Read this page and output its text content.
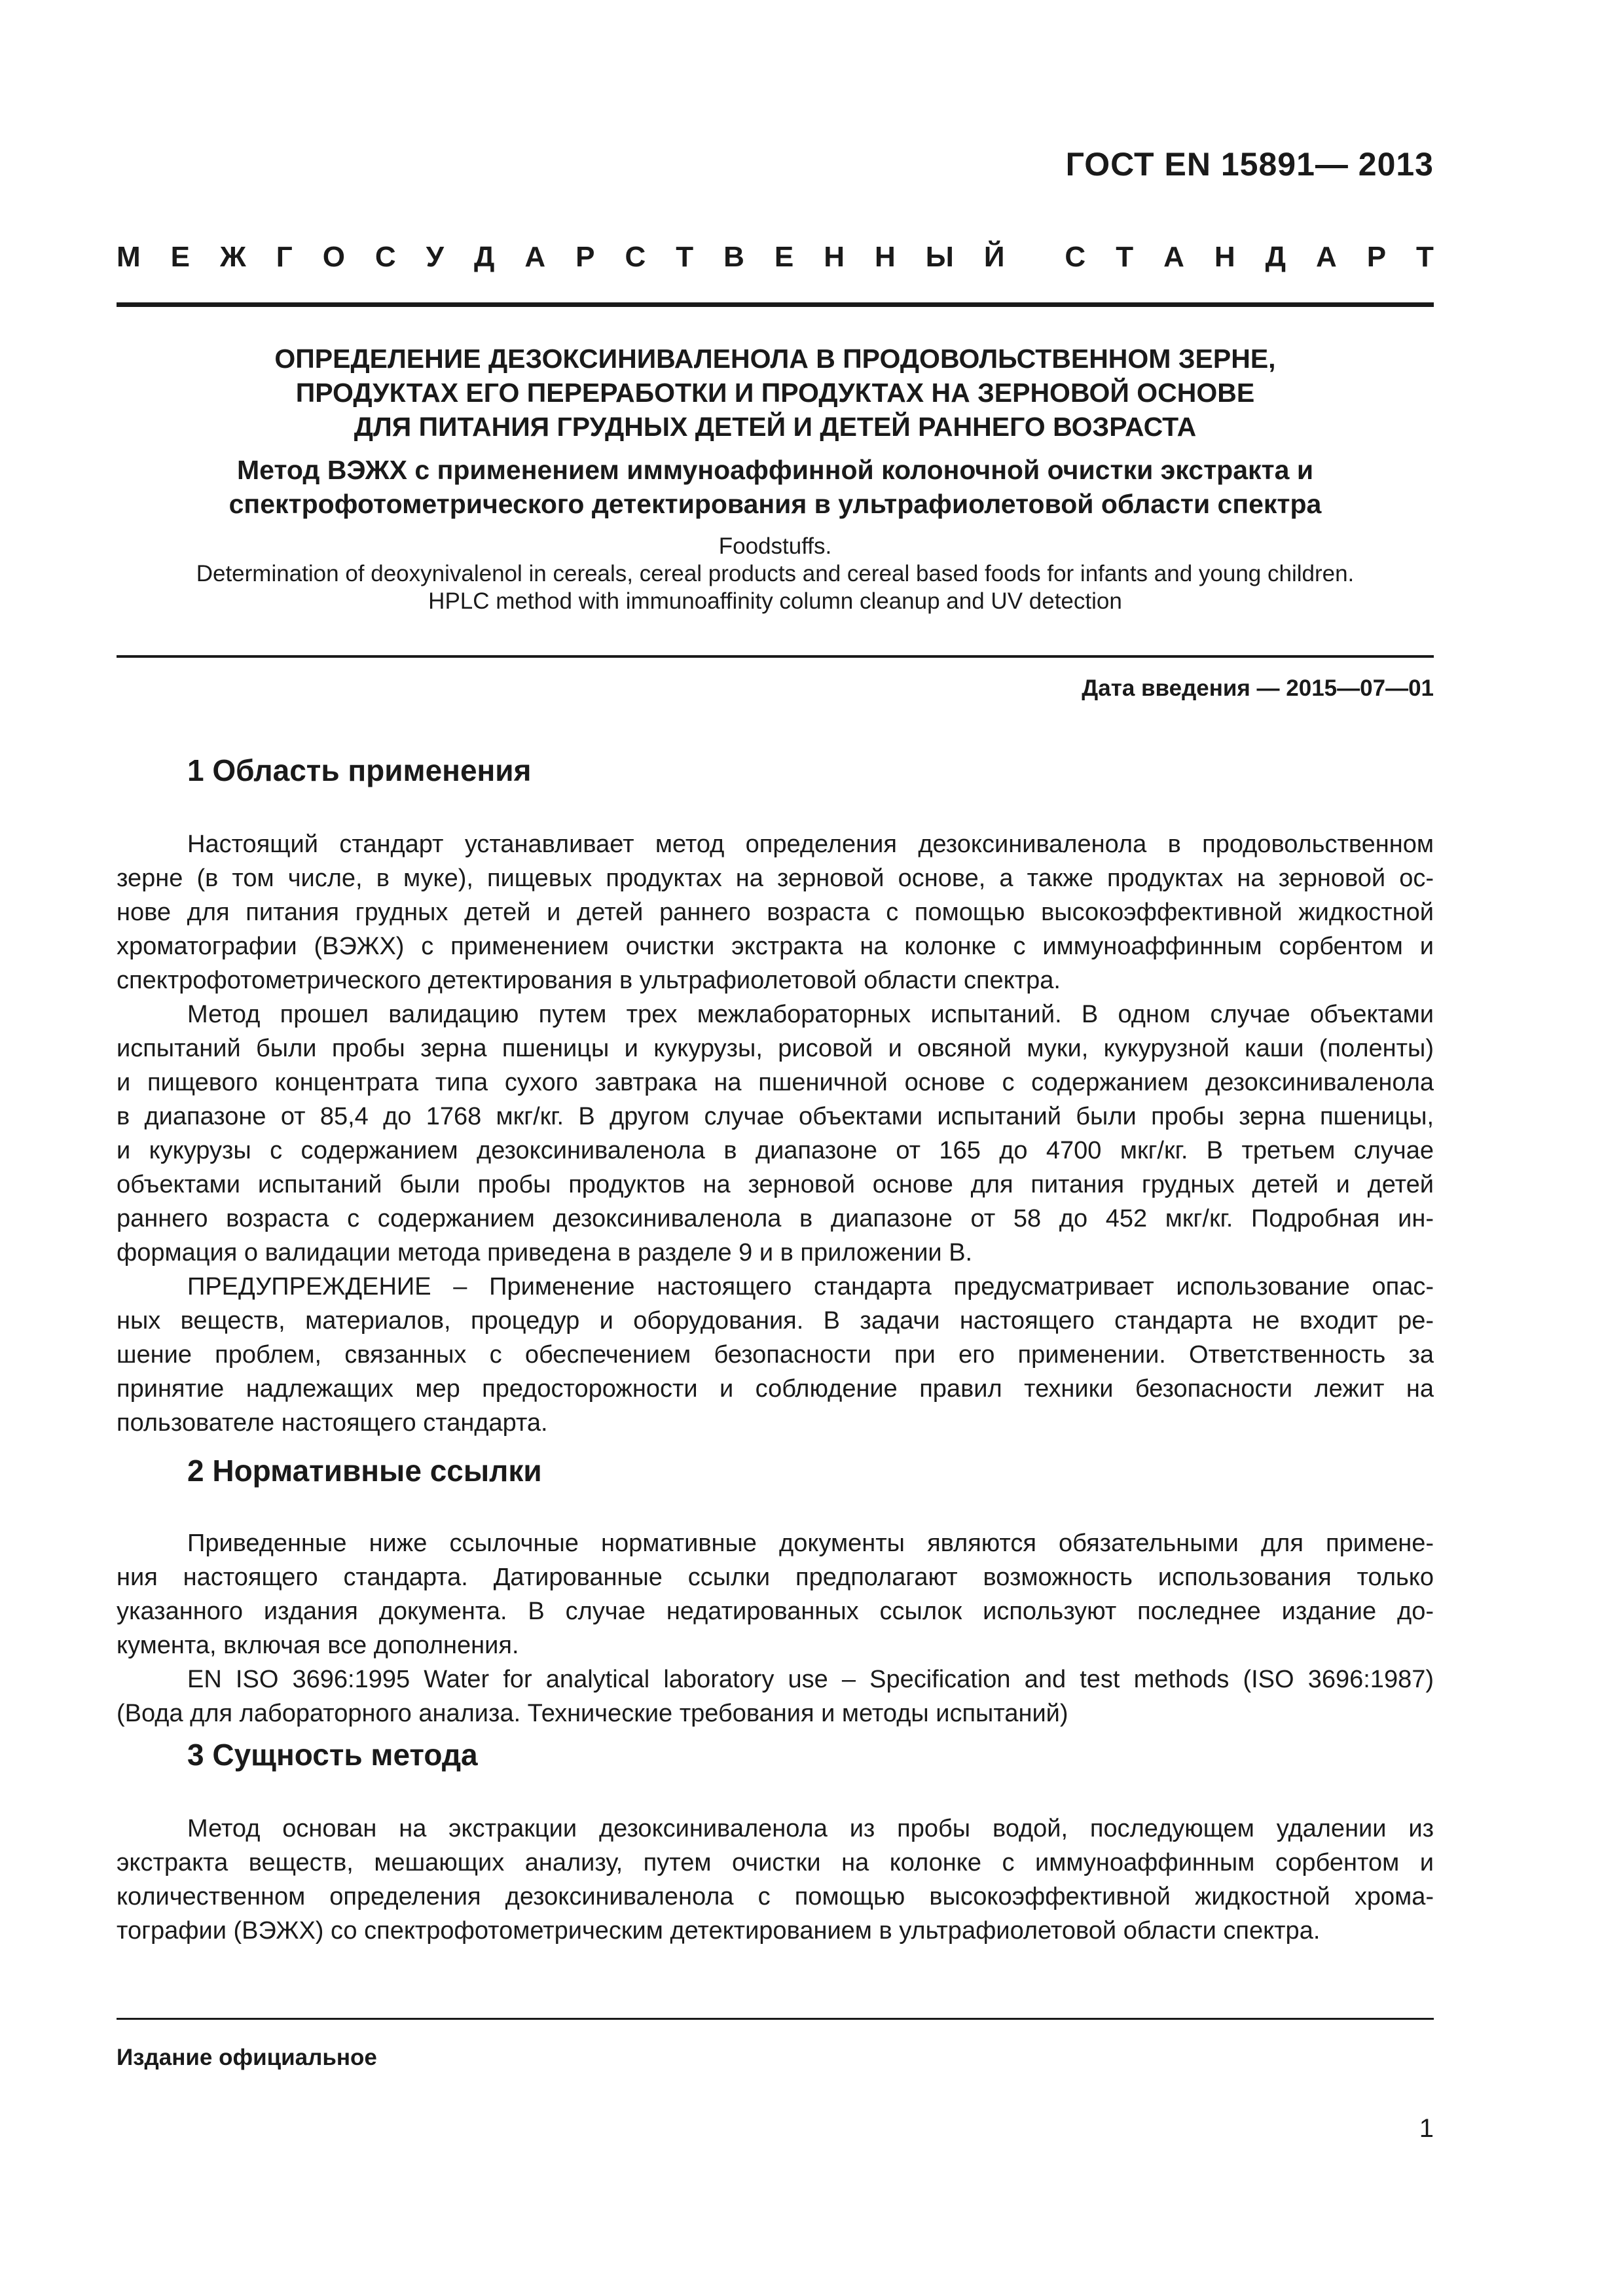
ГОСТ EN 15891— 2013
М Е Ж Г О С У Д А Р С Т В Е Н Н Ы Й С Т А Н Д А Р Т
ОПРЕДЕЛЕНИЕ ДЕЗОКСИНИВАЛЕНОЛА В ПРОДОВОЛЬСТВЕННОМ ЗЕРНЕ,
ПРОДУКТАХ ЕГО ПЕРЕРАБОТКИ И ПРОДУКТАХ НА ЗЕРНОВОЙ ОСНОВЕ
ДЛЯ ПИТАНИЯ ГРУДНЫХ ДЕТЕЙ И ДЕТЕЙ РАННЕГО ВОЗРАСТА
Метод ВЭЖХ с применением иммуноаффинной колоночной очистки экстракта и
спектрофотометрического детектирования в ультрафиолетовой области спектра
Foodstuffs.
Determination of deoxynivalenol in cereals, cereal products and cereal based foods for infants and young children.
HPLC method with immunoaffinity column cleanup and UV detection
Дата введения — 2015—07—01
1 Область применения
Настоящий стандарт устанавливает метод определения дезоксиниваленола в продовольственном
зерне (в том числе, в муке), пищевых продуктах на зерновой основе, а также продуктах на зерновой ос-
нове для питания грудных детей и детей раннего возраста с помощью высокоэффективной жидкостной
хроматографии (ВЭЖХ) с применением очистки экстракта на колонке с иммуноаффинным сорбентом и
спектрофотометрического детектирования в ультрафиолетовой области спектра.
Метод прошел валидацию путем трех межлабораторных испытаний. В одном случае объектами
испытаний были пробы зерна пшеницы и кукурузы, рисовой и овсяной муки, кукурузной каши (поленты)
и пищевого концентрата типа сухого завтрака на пшеничной основе с содержанием дезоксиниваленола
в диапазоне от 85,4 до 1768 мкг/кг. В другом случае объектами испытаний были пробы зерна пшеницы,
и кукурузы с содержанием дезоксиниваленола в диапазоне от 165 до 4700 мкг/кг. В третьем случае
объектами испытаний были пробы продуктов на зерновой основе для питания грудных детей и детей
раннего возраста с содержанием дезоксиниваленола в диапазоне от 58 до 452 мкг/кг. Подробная ин-
формация о валидации метода приведена в разделе 9 и в приложении В.
ПРЕДУПРЕЖДЕНИЕ – Применение настоящего стандарта предусматривает использование опас-
ных веществ, материалов, процедур и оборудования. В задачи настоящего стандарта не входит ре-
шение проблем, связанных с обеспечением безопасности при его применении. Ответственность за
принятие надлежащих мер предосторожности и соблюдение правил техники безопасности лежит на
пользователе настоящего стандарта.
2 Нормативные ссылки
Приведенные ниже ссылочные нормативные документы являются обязательными для примене-
ния настоящего стандарта. Датированные ссылки предполагают возможность использования только
указанного издания документа. В случае недатированных ссылок используют последнее издание до-
кумента, включая все дополнения.
EN ISO 3696:1995 Water for analytical laboratory use – Specification and test methods (ISO 3696:1987)
(Вода для лабораторного анализа. Технические требования и методы испытаний)
3 Сущность метода
Метод основан на экстракции дезоксиниваленола из пробы водой, последующем удалении из
экстракта веществ, мешающих анализу, путем очистки на колонке с иммуноаффинным сорбентом и
количественном определения дезоксиниваленола с помощью высокоэффективной жидкостной хрома-
тографии (ВЭЖХ) со спектрофотометрическим детектированием в ультрафиолетовой области спектра.
Издание официальное
1
